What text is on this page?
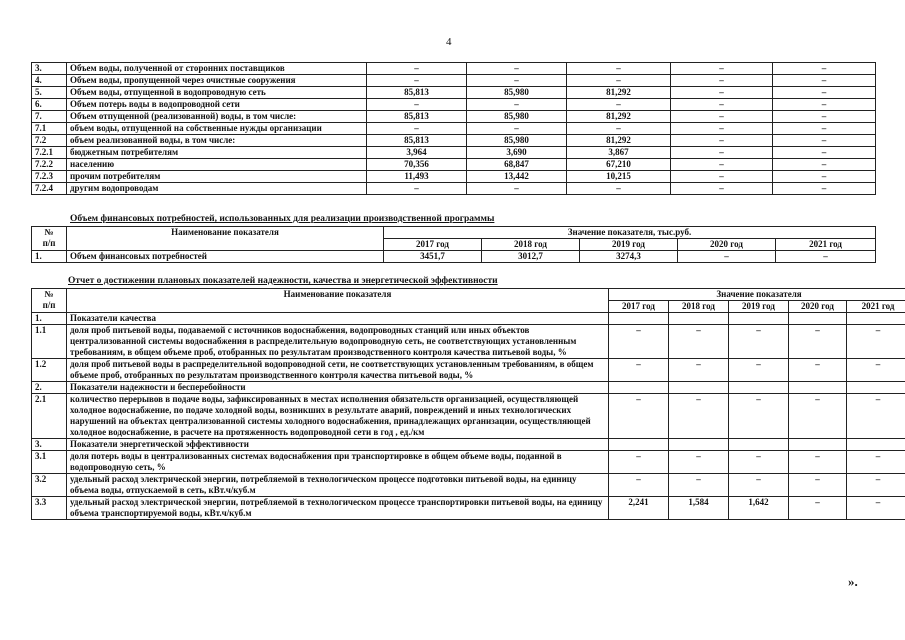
4
3.	Объем воды, полученной от сторонних поставщиков	–	–	–	–	–
4.	Объем воды, пропущенной через очистные сооружения	–	–	–	–	–
5.	Объем воды, отпущенной в водопроводную сеть	85,813	85,980	81,292	–	–
6.	Объем потерь воды в водопроводной сети	–	–	–	–	–
7.	Объем отпущенной (реализованной) воды, в том числе:	85,813	85,980	81,292	–	–
7.1	объем воды, отпущенной на собственные нужды организации	–	–	–	–	–
7.2	объем реализованной воды, в том числе:	85,813	85,980	81,292	–	–
7.2.1	бюджетным потребителям	3,964	3,690	3,867	–	–
7.2.2	населению	70,356	68,847	67,210	–	–
7.2.3	прочим потребителям	11,493	13,442	10,215	–	–
7.2.4	другим водопроводам	–	–	–	–	–
Объем финансовых потребностей, использованных для реализации производственной программы
№
п/п	Наименование показателя	Значение показателя, тыс.руб.				
		2017 год	2018 год	2019 год	2020 год	2021 год
1.	Объем финансовых потребностей	3451,7	3012,7	3274,3	–	–
Отчет о достижении плановых показателей надежности, качества и энергетической эффективности
№
п/п	Наименование показателя	Значение показателя				
		2017 год	2018 год	2019 год	2020 год	2021 год
1.	Показатели качества					
1.1	доля проб питьевой воды, подаваемой с источников водоснабжения, водопроводных станций или иных объектов централизованной системы водоснабжения в распределительную водопроводную сеть, не соответствующих установленным требованиям, в общем объеме проб, отобранных по результатам производственного контроля качества питьевой воды, %	–	–	–	–	–
1.2	доля проб питьевой воды в распределительной водопроводной сети, не соответствующих установленным требованиям, в общем объеме проб, отобранных по результатам производственного контроля качества питьевой воды, %	–	–	–	–	–
2.	Показатели надежности и бесперебойности					
2.1	количество перерывов в подаче воды, зафиксированных в местах исполнения обязательств организацией, осуществляющей холодное водоснабжение, по подаче холодной воды, возникших в результате аварий, повреждений и иных технологических нарушений на объектах централизованной системы холодного водоснабжения, принадлежащих организации, осуществляющей холодное водоснабжение, в расчете на протяженность водопроводной сети в год , ед./км	–	–	–	–	–
3.	Показатели энергетической эффективности					
3.1	доля потерь воды в централизованных системах водоснабжения при транспортировке в общем объеме воды, поданной в водопроводную сеть, %	–	–	–	–	–
3.2	удельный расход электрической энергии, потребляемой в технологическом процессе подготовки питьевой воды, на единицу объема воды, отпускаемой в сеть, кВт.ч/куб.м	–	–	–	–	–
3.3	удельный расход электрической энергии, потребляемой в технологическом процессе транспортировки питьевой воды, на единицу объема транспортируемой воды, кВт.ч/куб.м	2,241	1,584	1,642	–	–
».
